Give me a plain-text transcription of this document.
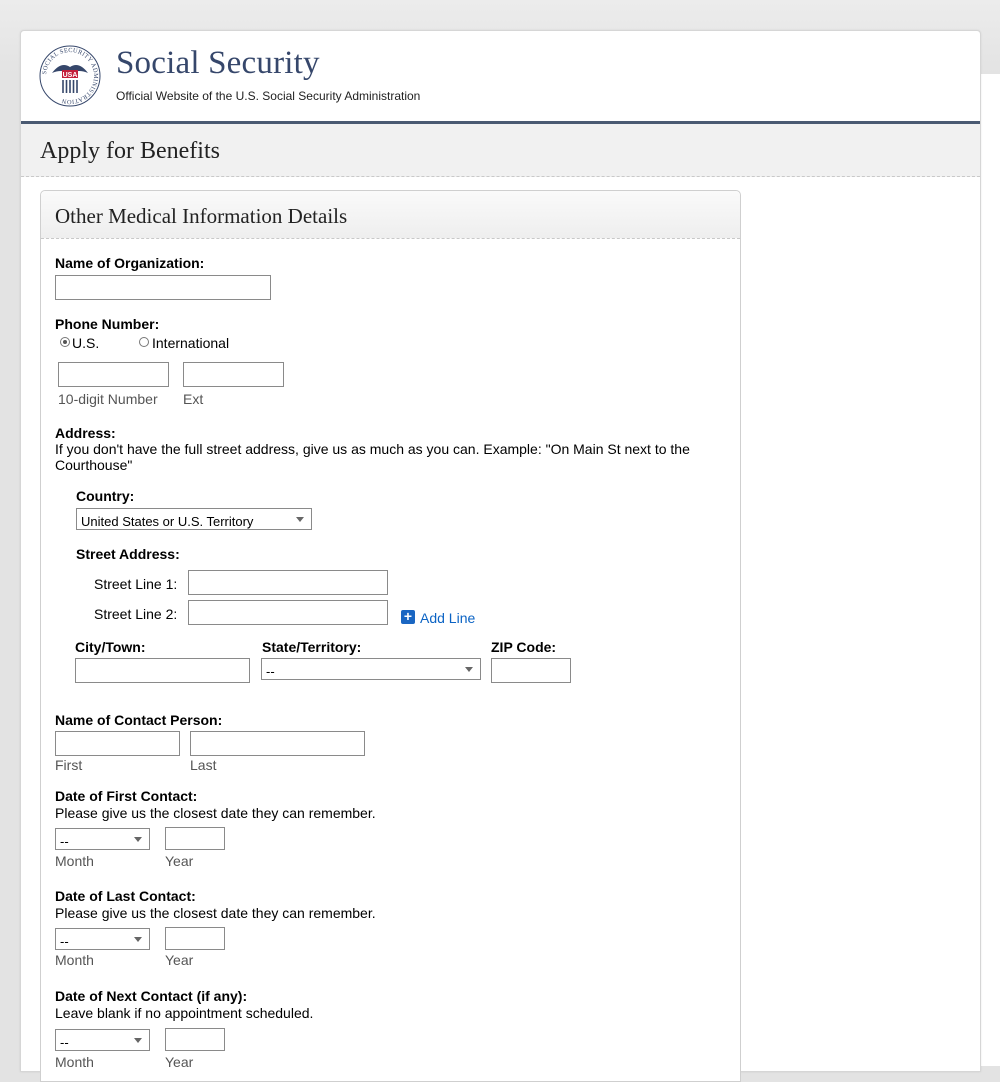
SOCIAL SECURITY ADMINISTRATION
USA Social Security
Official Website of the U.S. Social Security Administration
Apply for Benefits
Other Medical Information Details
Name of Organization:
Phone Number:
U.S.	International
10-digit Number Ext
Address:
If you don't have the full street address, give us as much as you can. Example: "On Main St next to the Courthouse"
Country:
United States or U.S. Territory
Street Address:
Street Line 1:
Street Line 2:	+ Add Line
City/Town:	State/Territory:	ZIP Code:
--
Name of Contact Person:
First	Last
Date of First Contact:
Please give us the closest date they can remember.
--
Month	Year
Date of Last Contact:
Please give us the closest date they can remember.
--
Month	Year
Date of Next Contact (if any):
Leave blank if no appointment scheduled.
--
Month	Year
